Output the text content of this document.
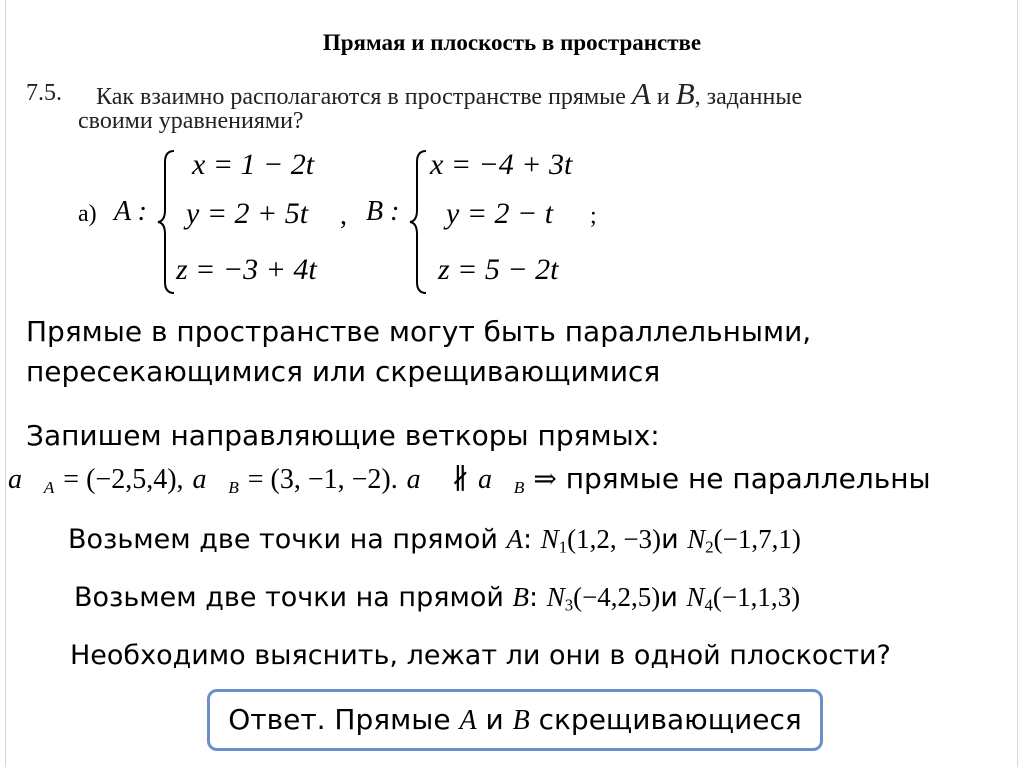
Прямая и плоскость в пространстве
7.5. Как взаимно располагаются в пространстве прямые A и B, заданные
своими уравнениями?
а) A :
x = 1 − 2t
y = 2 + 5t
z = −3 + 4t
, B :
x = −4 + 3t
y = 2 − t
z = 5 − 2t
;
Прямые в пространстве могут быть параллельными,
пересекающимися или скрещивающимися
Запишем направляющие веткоры прямых:
$a_A = (-2,5,4)$, $a_B = (3$, −1, −2). a ∦ $a_B$ ⇒ прямые не параллельны
Возьмем две точки на прямой A: $N_1(1,2$, −3)и $N_2(-1,7,1)$
Возьмем две точки на прямой B: $N_3(-4,2,5)и$ $N_4(-1,1,3)$
Необходимо выяснить, лежат ли они в одной плоскости?
Ответ. Прямые A и B скрещивающиеся
